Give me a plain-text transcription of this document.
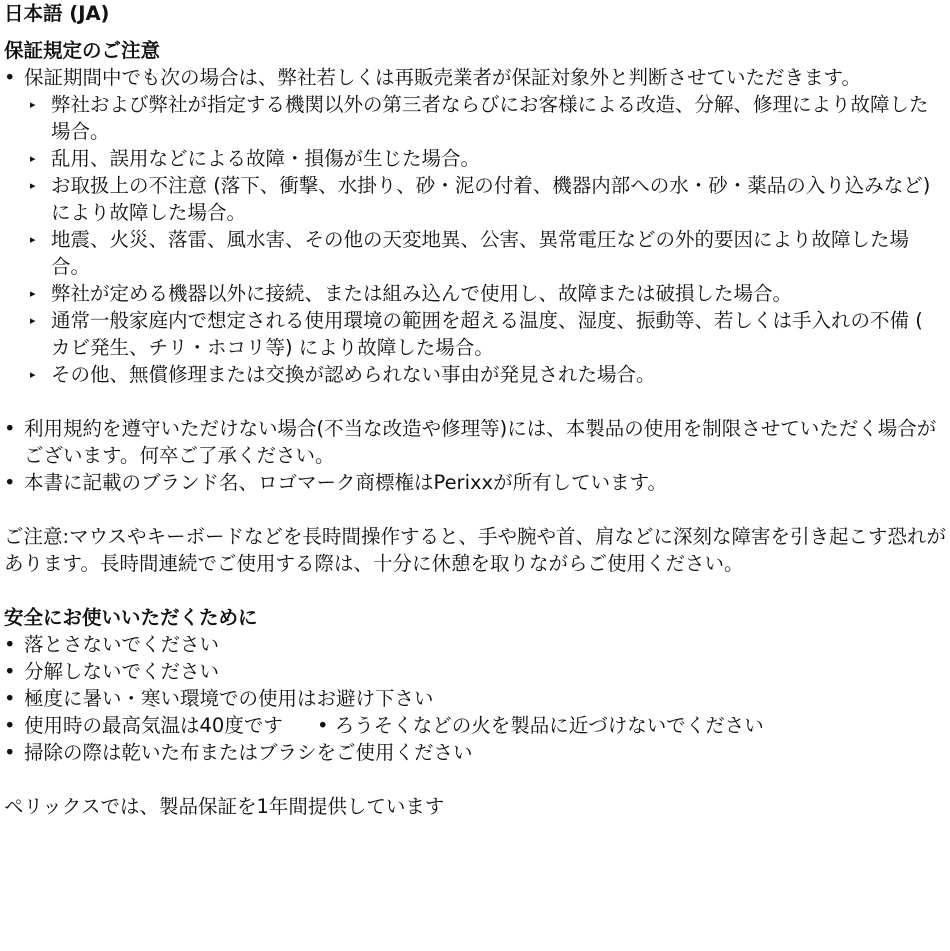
日本語 (JA)
保証規定のご注意
• 保証期間中でも次の場合は、弊社若しくは再販売業者が保証対象外と判断させていただきます。
▸ 弊社および弊社が指定する機関以外の第三者ならびにお客様による改造、分解、修理により故障した場合。
▸ 乱用、誤用などによる故障・損傷が生じた場合。
▸ お取扱上の不注意 (落下、衝撃、水掛り、砂・泥の付着、機器内部への水・砂・薬品の入り込みなど) により故障した場合。
▸ 地震、火災、落雷、風水害、その他の天変地異、公害、異常電圧などの外的要因により故障した場合。
▸ 弊社が定める機器以外に接続、または組み込んで使用し、故障または破損した場合。
▸ 通常一般家庭内で想定される使用環境の範囲を超える温度、湿度、振動等、若しくは手入れの不備 ( カビ発生、チリ・ホコリ等) により故障した場合。
▸ その他、無償修理または交換が認められない事由が発見された場合。
• 利用規約を遵守いただけない場合(不当な改造や修理等)には、本製品の使用を制限させていただく場合がございます。何卒ご了承ください。
• 本書に記載のブランド名、ロゴマーク商標権はPerixxが所有しています。

ご注意:マウスやキーボードなどを長時間操作すると、手や腕や首、肩などに深刻な障害を引き起こす恐れがあります。長時間連続でご使用する際は、十分に休憩を取りながらご使用ください。

安全にお使いいただくために
• 落とさないでください
• 分解しないでください
• 極度に暑い・寒い環境での使用はお避け下さい
• 使用時の最高気温は40度です • ろうそくなどの火を製品に近づけないでください
• 掃除の際は乾いた布またはブラシをご使用ください

ペリックスでは、製品保証を1年間提供しています
